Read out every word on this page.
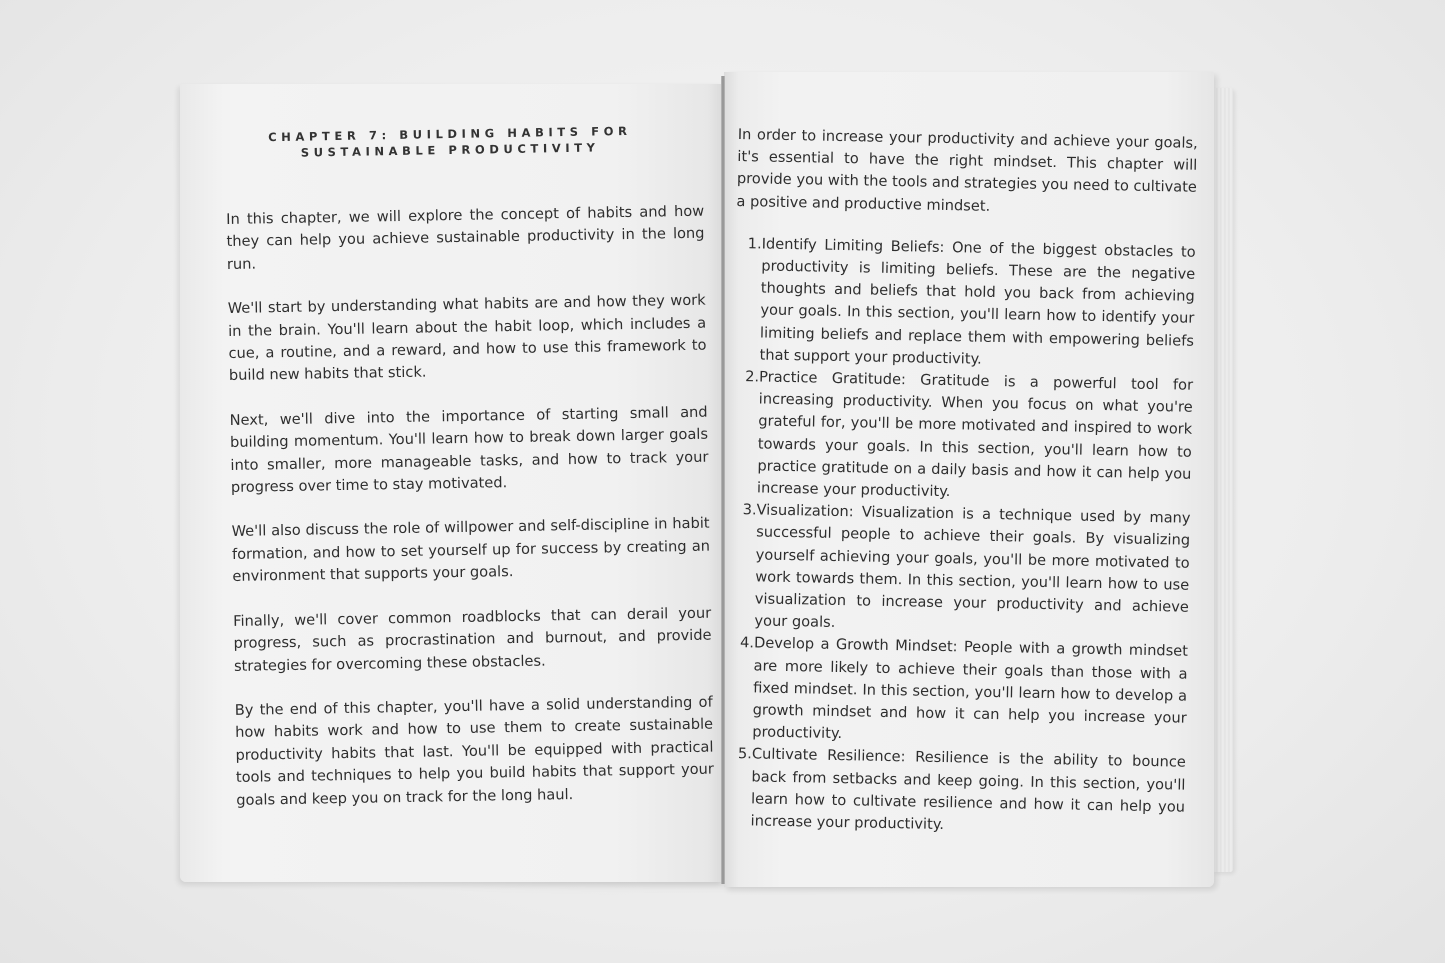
CHAPTER 7: BUILDING HABITS FOR SUSTAINABLE PRODUCTIVITY

In this chapter, we will explore the concept of habits and how they can help you achieve sustainable productivity in the long run.

We'll start by understanding what habits are and how they work in the brain. You'll learn about the habit loop, which includes a cue, a routine, and a reward, and how to use this framework to build new habits that stick.

Next, we'll dive into the importance of starting small and building momentum. You'll learn how to break down larger goals into smaller, more manageable tasks, and how to track your progress over time to stay motivated.

We'll also discuss the role of willpower and self-discipline in habit formation, and how to set yourself up for success by creating an environment that supports your goals.

Finally, we'll cover common roadblocks that can derail your progress, such as procrastination and burnout, and provide strategies for overcoming these obstacles.

By the end of this chapter, you'll have a solid understanding of how habits work and how to use them to create sustainable productivity habits that last. You'll be equipped with practical tools and techniques to help you build habits that support your goals and keep you on track for the long haul.

In order to increase your productivity and achieve your goals, it's essential to have the right mindset. This chapter will provide you with the tools and strategies you need to cultivate a positive and productive mindset.

1. Identify Limiting Beliefs: One of the biggest obstacles to productivity is limiting beliefs. These are the negative thoughts and beliefs that hold you back from achieving your goals. In this section, you'll learn how to identify your limiting beliefs and replace them with empowering beliefs that support your productivity.
2. Practice Gratitude: Gratitude is a powerful tool for increasing productivity. When you focus on what you're grateful for, you'll be more motivated and inspired to work towards your goals. In this section, you'll learn how to practice gratitude on a daily basis and how it can help you increase your productivity.
3. Visualization: Visualization is a technique used by many successful people to achieve their goals. By visualizing yourself achieving your goals, you'll be more motivated to work towards them. In this section, you'll learn how to use visualization to increase your productivity and achieve your goals.
4. Develop a Growth Mindset: People with a growth mindset are more likely to achieve their goals than those with a fixed mindset. In this section, you'll learn how to develop a growth mindset and how it can help you increase your productivity.
5. Cultivate Resilience: Resilience is the ability to bounce back from setbacks and keep going. In this section, you'll learn how to cultivate resilience and how it can help you increase your productivity.
